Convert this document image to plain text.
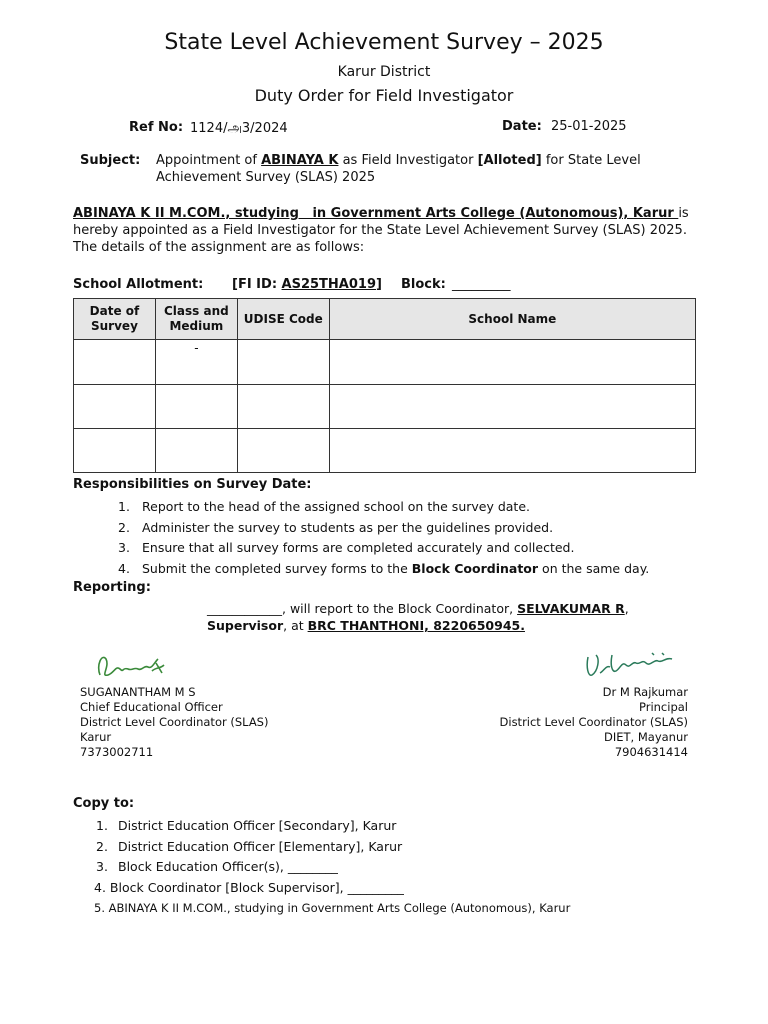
State Level Achievement Survey – 2025
Karur District
Duty Order for Field Investigator
Ref No: 1124/அ3/2024	Date: 25-01-2025
Subject: Appointment of ABINAYA K as Field Investigator [Alloted] for State Level Achievement Survey (SLAS) 2025
ABINAYA K II M.COM., studying   in Government Arts College (Autonomous), Karur is hereby appointed as a Field Investigator for the State Level Achievement Survey (SLAS) 2025. The details of the assignment are as follows:
School Allotment: [FI ID: AS25THA019] Block: _________
Date of Survey	Class and Medium	UDISE Code	School Name
	-		

Responsibilities on Survey Date:
1. Report to the head of the assigned school on the survey date.
2. Administer the survey to students as per the guidelines provided.
3. Ensure that all survey forms are completed accurately and collected.
4. Submit the completed survey forms to the Block Coordinator on the same day.
Reporting:
____________, will report to the Block Coordinator, SELVAKUMAR R,
Supervisor, at BRC THANTHONI, 8220650945.
SUGANANTHAM M S
Chief Educational Officer
District Level Coordinator (SLAS)
Karur
7373002711
Dr M Rajkumar
Principal
District Level Coordinator (SLAS)
DIET, Mayanur
7904631414
Copy to:
1. District Education Officer [Secondary], Karur
2. District Education Officer [Elementary], Karur
3. Block Education Officer(s), ________
4. Block Coordinator [Block Supervisor], _________
5. ABINAYA K II M.COM., studying in Government Arts College (Autonomous), Karur
